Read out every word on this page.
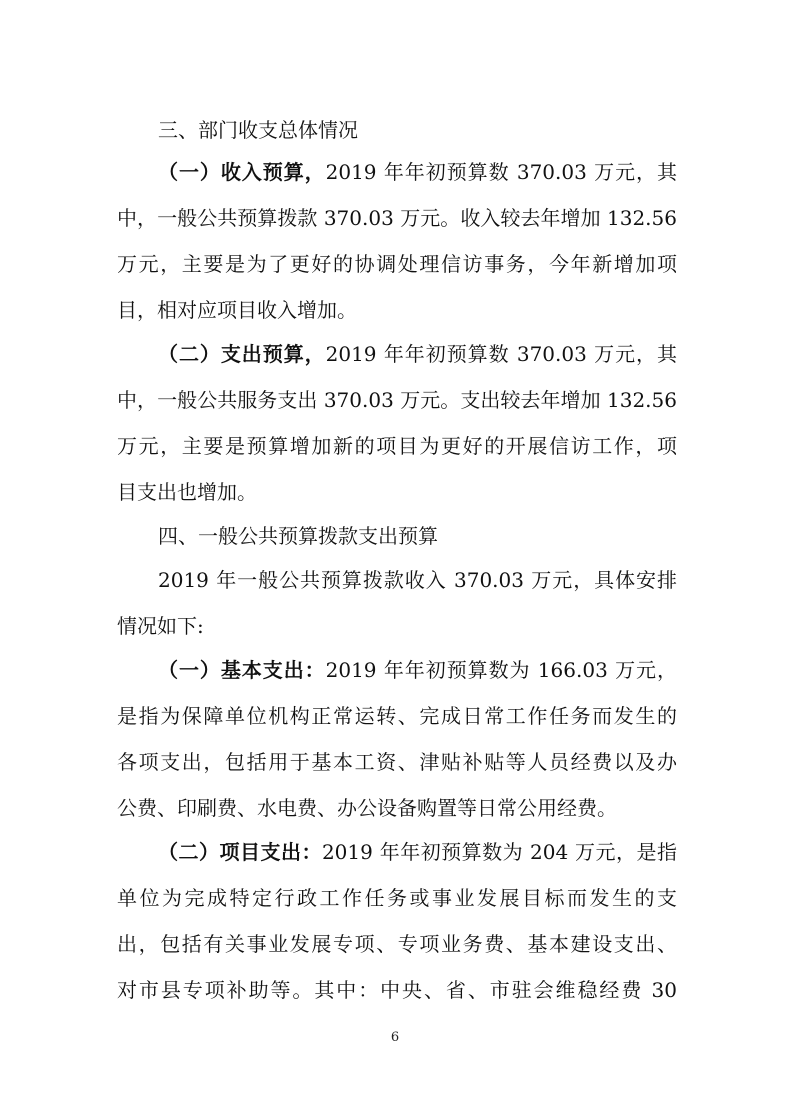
三、部门收支总体情况
（一）收入预算，2019 年年初预算数 370.03 万元，其
中，一般公共预算拨款 370.03 万元。收入较去年增加 132.56
万元，主要是为了更好的协调处理信访事务，今年新增加项
目，相对应项目收入增加。
（二）支出预算，2019 年年初预算数 370.03 万元，其
中，一般公共服务支出 370.03 万元。支出较去年增加 132.56
万元，主要是预算增加新的项目为更好的开展信访工作，项
目支出也增加。
四、一般公共预算拨款支出预算
2019 年一般公共预算拨款收入 370.03 万元，具体安排
情况如下:
（一）基本支出：2019 年年初预算数为 166.03 万元，
是指为保障单位机构正常运转、完成日常工作任务而发生的
各项支出，包括用于基本工资、津贴补贴等人员经费以及办
公费、印刷费、水电费、办公设备购置等日常公用经费。
（二）项目支出：2019 年年初预算数为 204 万元，是指
单位为完成特定行政工作任务或事业发展目标而发生的支
出，包括有关事业发展专项、专项业务费、基本建设支出、
对市县专项补助等。其中：中央、省、市驻会维稳经费 30
6
